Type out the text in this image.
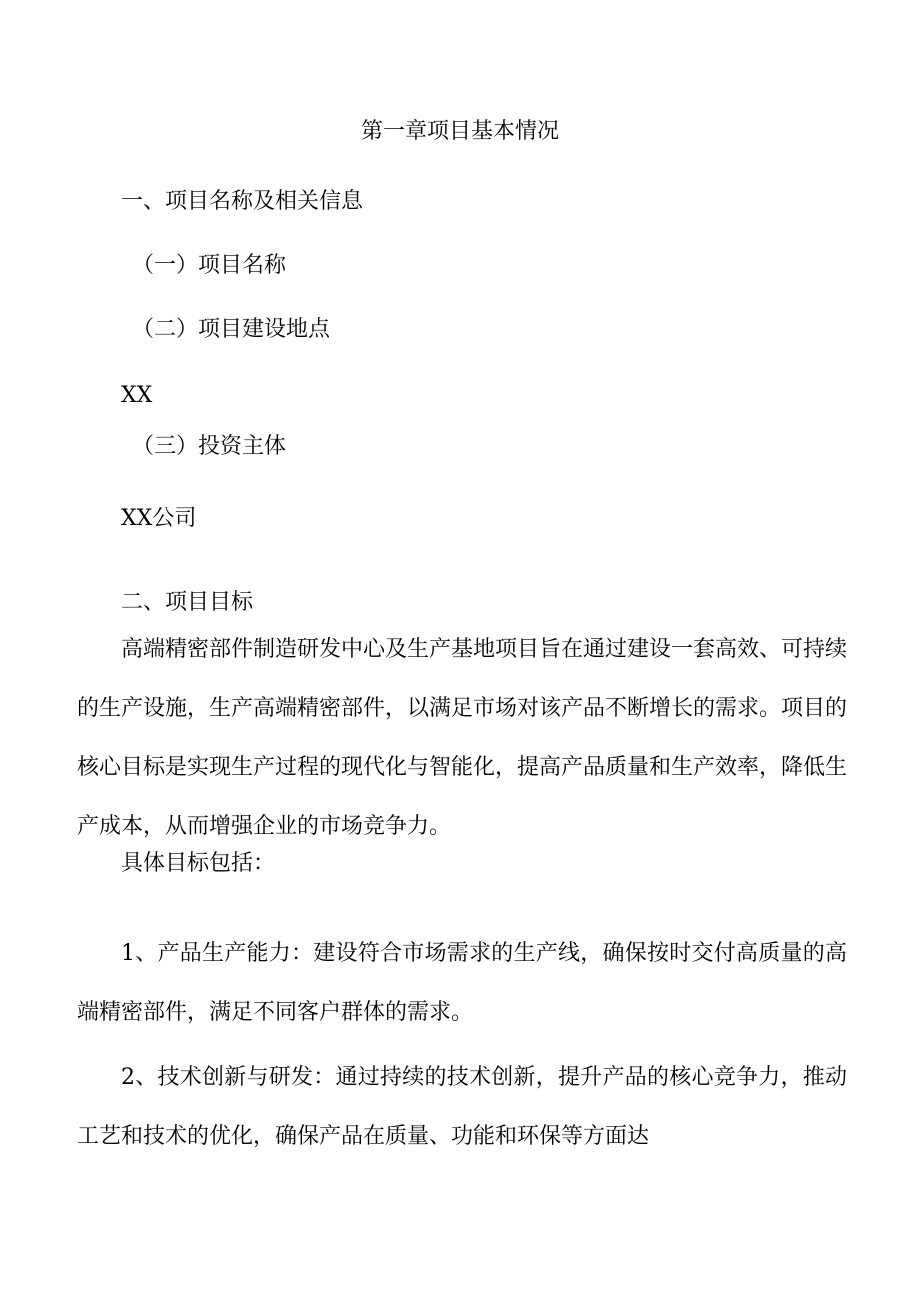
第一章项目基本情况
一、项目名称及相关信息
（一）项目名称
（二）项目建设地点
XX
（三）投资主体
XX公司
二、项目目标

高端精密部件制造研发中心及生产基地项目旨在通过建设一套高效、可持续的生产设施，生产高端精密部件，以满足市场对该产品不断增长的需求。项目的核心目标是实现生产过程的现代化与智能化，提高产品质量和生产效率，降低生产成本，从而增强企业的市场竞争力。

具体目标包括：

1、产品生产能力：建设符合市场需求的生产线，确保按时交付高质量的高端精密部件，满足不同客户群体的需求。

2、技术创新与研发：通过持续的技术创新，提升产品的核心竞争力，推动工艺和技术的优化，确保产品在质量、功能和环保等方面达
